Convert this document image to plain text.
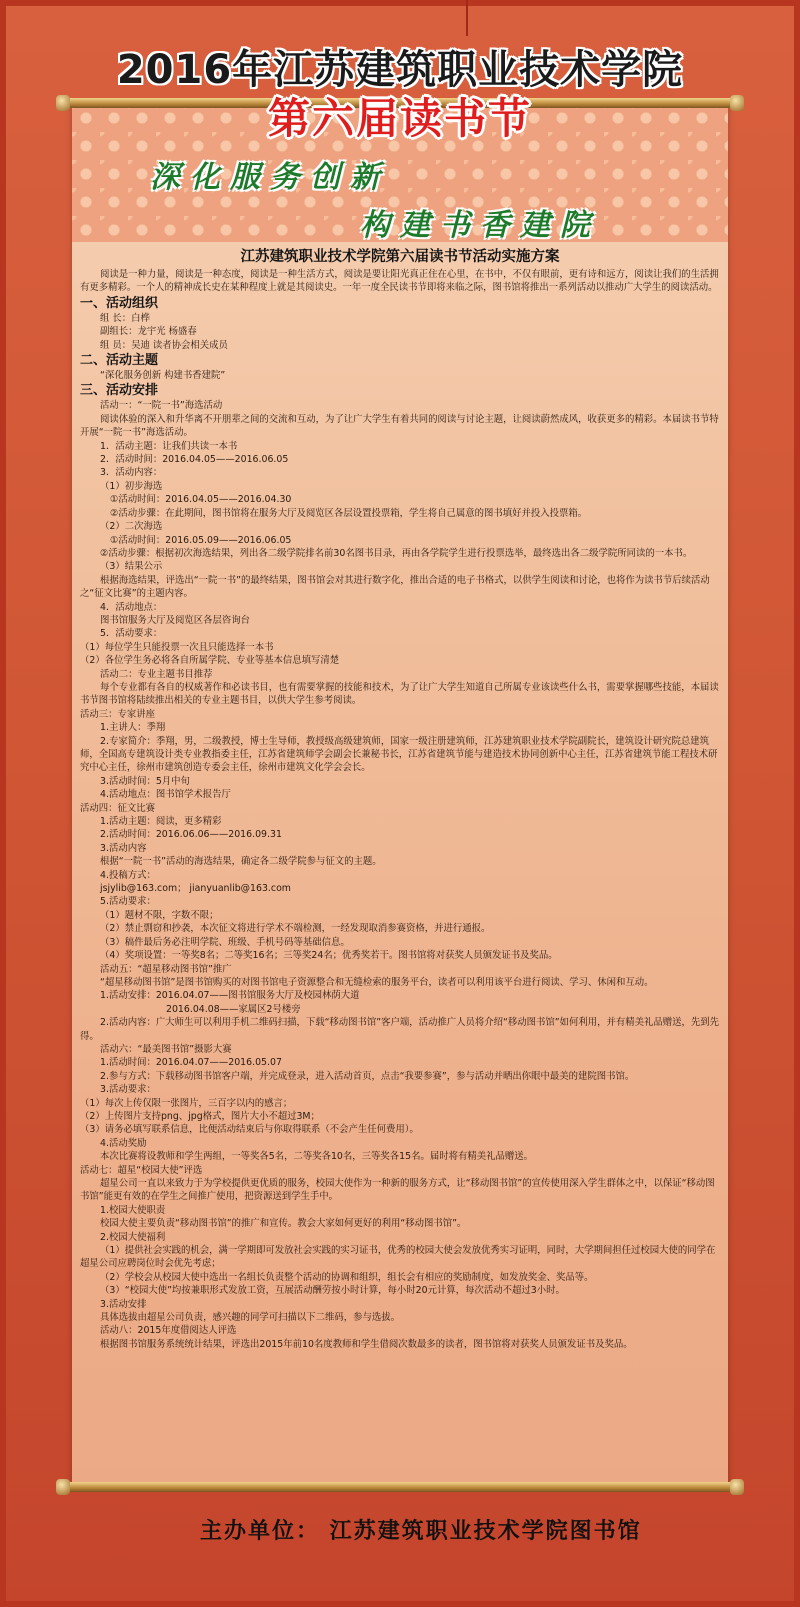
2016年江苏建筑职业技术学院
第六届读书节
深化服务创新
构建书香建院
江苏建筑职业技术学院第六届读书节活动实施方案

阅读是一种力量，阅读是一种态度，阅读是一种生活方式，阅读是要让阳光真正住在心里，在书中，不仅有眼前，更有诗和远方，阅读让我们的生活拥有更多精彩。一个人的精神成长史在某种程度上就是其阅读史。一年一度全民读书节即将来临之际，图书馆将推出一系列活动以推动广大学生的阅读活动。

一、活动组织

组 长：白桦

副组长：龙宇光 杨盛春

组 员：吴迪 读者协会相关成员

二、活动主题

“深化服务创新 构建书香建院”

三、活动安排

活动一：“一院一书”海选活动

阅读体验的深入和升华离不开朋辈之间的交流和互动，为了让广大学生有着共同的阅读与讨论主题，让阅读蔚然成风，收获更多的精彩。本届读书节特开展“一院一书”海选活动。

1．活动主题：让我们共读一本书

2．活动时间：2016.04.05——2016.06.05

3．活动内容：

（1）初步海选

①活动时间：2016.04.05——2016.04.30

②活动步骤：在此期间，图书馆将在服务大厅及阅览区各层设置投票箱，学生将自己属意的图书填好并投入投票箱。

（2）二次海选

①活动时间：2016.05.09——2016.06.05

②活动步骤：根据初次海选结果，列出各二级学院排名前30名图书目录，再由各学院学生进行投票选举，最终选出各二级学院所同读的一本书。

（3）结果公示

根据海选结果，评选出“一院一书”的最终结果，图书馆会对其进行数字化，推出合适的电子书格式，以供学生阅读和讨论，也将作为读书节后续活动之“征文比赛”的主题内容。

4．活动地点：

图书馆服务大厅及阅览区各层咨询台

5．活动要求：

（1）每位学生只能投票一次且只能选择一本书

（2）各位学生务必将各自所属学院、专业等基本信息填写清楚

活动二：专业主题书目推荐

每个专业都有各自的权威著作和必读书目，也有需要掌握的技能和技术，为了让广大学生知道自己所属专业该读些什么书，需要掌握哪些技能，本届读书节图书馆将陆续推出相关的专业主题书目，以供大学生参考阅读。

活动三：专家讲座

1.主讲人：季翔

2.专家简介：季翔，男，二级教授，博士生导师，教授级高级建筑师，国家一级注册建筑师，江苏建筑职业技术学院副院长，建筑设计研究院总建筑师，全国高专建筑设计类专业教指委主任，江苏省建筑师学会副会长兼秘书长，江苏省建筑节能与建造技术协同创新中心主任，江苏省建筑节能工程技术研究中心主任，徐州市建筑创造专委会主任，徐州市建筑文化学会会长。

3.活动时间：5月中旬

4.活动地点：图书馆学术报告厅

活动四：征文比赛

1.活动主题：阅读，更多精彩

2.活动时间：2016.06.06——2016.09.31

3.活动内容

根据“一院一书”活动的海选结果，确定各二级学院参与征文的主题。

4.投稿方式：

jsjylib@163.com； jianyuanlib@163.com

5.活动要求：

（1）题材不限，字数不限；

（2）禁止剽窃和抄袭，本次征文将进行学术不端检测，一经发现取消参赛资格，并进行通报。

（3）稿件最后务必注明学院、班级、手机号码等基础信息。

（4）奖项设置：一等奖8名；二等奖16名；三等奖24名；优秀奖若干。图书馆将对获奖人员颁发证书及奖品。

活动五：“超星移动图书馆”推广

“超星移动图书馆”是图书馆购买的对图书馆电子资源整合和无缝检索的服务平台，读者可以利用该平台进行阅读、学习、休闲和互动。

1.活动安排：2016.04.07——图书馆服务大厅及校园林荫大道

2016.04.08——家属区2号楼旁

2.活动内容：广大师生可以利用手机二维码扫描，下载“移动图书馆”客户端，活动推广人员将介绍“移动图书馆”如何利用，并有精美礼品赠送，先到先得。

活动六：“最美图书馆”摄影大赛

1.活动时间：2016.04.07——2016.05.07

2.参与方式：下载移动图书馆客户端，并完成登录，进入活动首页，点击“我要参赛”，参与活动并晒出你眼中最美的建院图书馆。

3.活动要求：

（1）每次上传仅限一张图片，三百字以内的感言；

（2）上传图片支持png、jpg格式，图片大小不超过3M；

（3）请务必填写联系信息，比便活动结束后与你取得联系（不会产生任何费用）。

4.活动奖励

本次比赛将设教师和学生两组，一等奖各5名，二等奖各10名，三等奖各15名。届时将有精美礼品赠送。

活动七：超星“校园大使”评选

超星公司一直以来致力于为学校提供更优质的服务，校园大使作为一种新的服务方式，让“移动图书馆”的宣传使用深入学生群体之中，以保证“移动图书馆”能更有效的在学生之间推广使用，把资源送到学生手中。

1.校园大使职责

校园大使主要负责“移动图书馆”的推广和宣传。教会大家如何更好的利用“移动图书馆”。

2.校园大使福利

（1）提供社会实践的机会，满一学期即可发放社会实践的实习证书，优秀的校园大使会发放优秀实习证明，同时，大学期间担任过校园大使的同学在超星公司应聘岗位时会优先考虑；

（2）学校会从校园大使中选出一名组长负责整个活动的协调和组织，组长会有相应的奖励制度，如发放奖金、奖品等。

（3）“校园大使”均按兼职形式发放工资，互展活动酬劳按小时计算，每小时20元计算，每次活动不超过3小时。

3.活动安排

具体选拔由超星公司负责，感兴趣的同学可扫描以下二维码，参与选拔。

活动八：2015年度借阅达人评选

根据图书馆服务系统统计结果，评选出2015年前10名度教师和学生借阅次数最多的读者，图书馆将对获奖人员颁发证书及奖品。

主办单位： 江苏建筑职业技术学院图书馆
